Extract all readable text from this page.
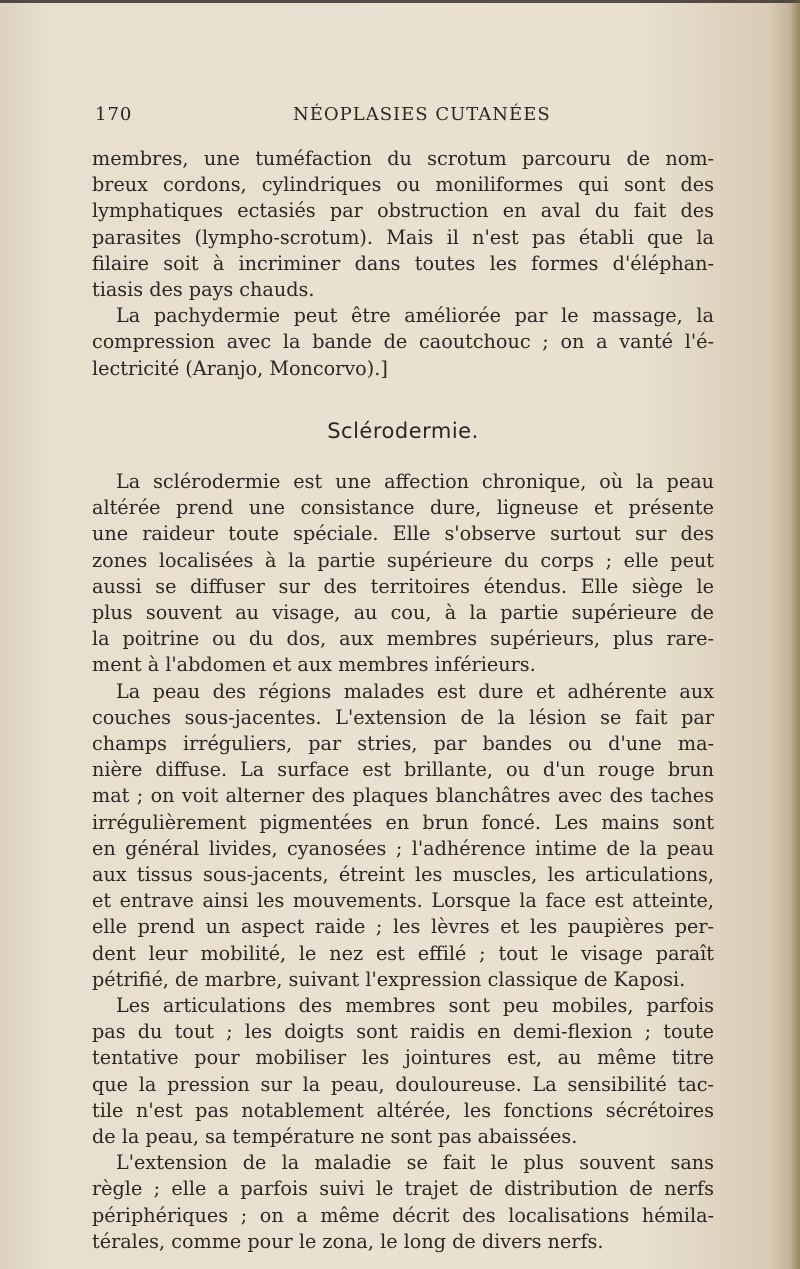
170	NÉOPLASIES CUTANÉES
membres, une tuméfaction du scrotum parcouru de nom-
breux cordons, cylindriques ou moniliformes qui sont des
lymphatiques ectasiés par obstruction en aval du fait des
parasites (lympho-scrotum). Mais il n'est pas établi que la
filaire soit à incriminer dans toutes les formes d'éléphan-
tiasis des pays chauds.
La pachydermie peut être améliorée par le massage, la
compression avec la bande de caoutchouc ; on a vanté l'é-
lectricité (Aranjo, Moncorvo).]
Sclérodermie.
La sclérodermie est une affection chronique, où la peau
altérée prend une consistance dure, ligneuse et présente
une raideur toute spéciale. Elle s'observe surtout sur des
zones localisées à la partie supérieure du corps ; elle peut
aussi se diffuser sur des territoires étendus. Elle siège le
plus souvent au visage, au cou, à la partie supérieure de
la poitrine ou du dos, aux membres supérieurs, plus rare-
ment à l'abdomen et aux membres inférieurs.
La peau des régions malades est dure et adhérente aux
couches sous-jacentes. L'extension de la lésion se fait par
champs irréguliers, par stries, par bandes ou d'une ma-
nière diffuse. La surface est brillante, ou d'un rouge brun
mat ; on voit alterner des plaques blanchâtres avec des taches
irrégulièrement pigmentées en brun foncé. Les mains sont
en général livides, cyanosées ; l'adhérence intime de la peau
aux tissus sous-jacents, étreint les muscles, les articulations,
et entrave ainsi les mouvements. Lorsque la face est atteinte,
elle prend un aspect raide ; les lèvres et les paupières per-
dent leur mobilité, le nez est effilé ; tout le visage paraît
pétrifié, de marbre, suivant l'expression classique de Kaposi.
Les articulations des membres sont peu mobiles, parfois
pas du tout ; les doigts sont raidis en demi-flexion ; toute
tentative pour mobiliser les jointures est, au même titre
que la pression sur la peau, douloureuse. La sensibilité tac-
tile n'est pas notablement altérée, les fonctions sécrétoires
de la peau, sa température ne sont pas abaissées.
L'extension de la maladie se fait le plus souvent sans
règle ; elle a parfois suivi le trajet de distribution de nerfs
périphériques ; on a même décrit des localisations hémila-
térales, comme pour le zona, le long de divers nerfs.
